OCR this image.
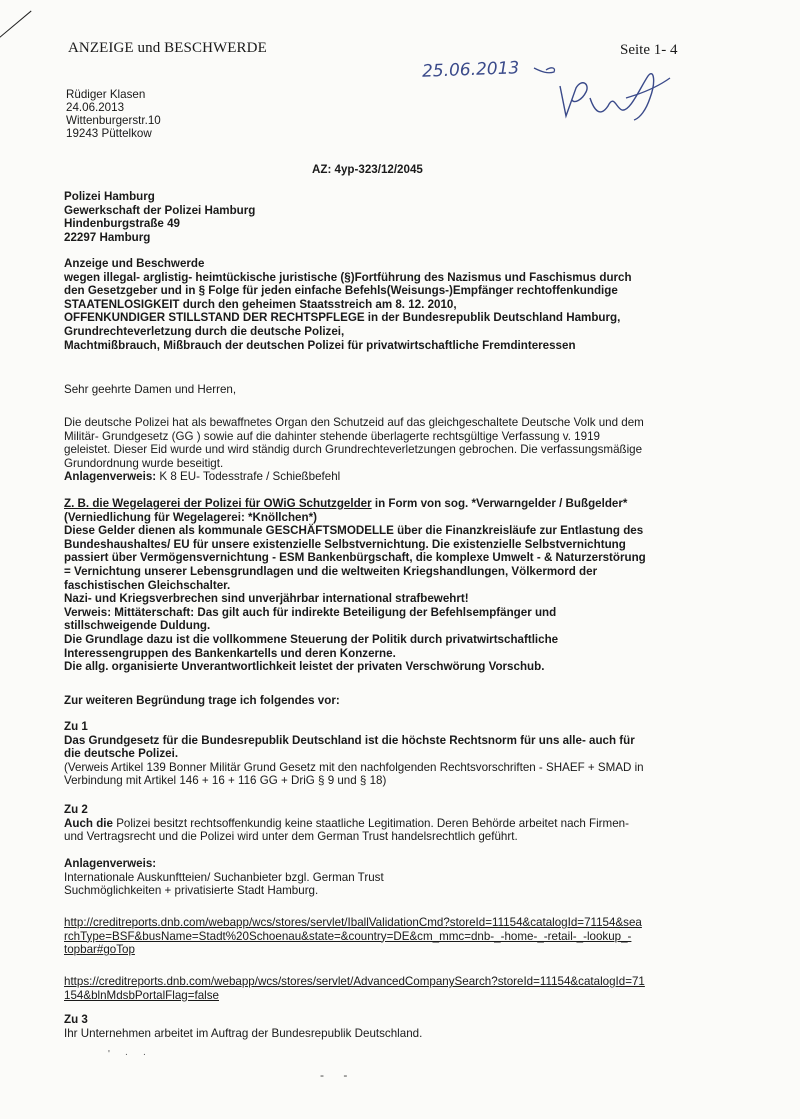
ANZEIGE und BESCHWERDE	Seite 1- 4
25.06.2013
Rüdiger Klasen
24.06.2013
Wittenburgerstr.10
19243 Püttelkow
AZ: 4yp-323/12/2045
Polizei Hamburg
Gewerkschaft der Polizei Hamburg
Hindenburgstraße 49
22297 Hamburg
Anzeige und Beschwerde
wegen illegal- arglistig- heimtückische juristische (§)Fortführung des Nazismus und Faschismus durch
den Gesetzgeber und in § Folge für jeden einfache Befehls(Weisungs-)Empfänger rechtoffenkundige
STAATENLOSIGKEIT durch den geheimen Staatsstreich am 8. 12. 2010,
OFFENKUNDIGER STILLSTAND DER RECHTSPFLEGE in der Bundesrepublik Deutschland Hamburg,
Grundrechteverletzung durch die deutsche Polizei,
Machtmißbrauch, Mißbrauch der deutschen Polizei für privatwirtschaftliche Fremdinteressen
Sehr geehrte Damen und Herren,
Die deutsche Polizei hat als bewaffnetes Organ den Schutzeid auf das gleichgeschaltete Deutsche Volk und dem
Militär- Grundgesetz (GG ) sowie auf die dahinter stehende überlagerte rechtsgültige Verfassung v. 1919
geleistet. Dieser Eid wurde und wird ständig durch Grundrechteverletzungen gebrochen. Die verfassungsmäßige
Grundordnung wurde beseitigt.
Anlagenverweis: K 8 EU- Todesstrafe / Schießbefehl
Z. B. die Wegelagerei der Polizei für OWiG Schutzgelder in Form von sog. *Verwarngelder / Bußgelder*
(Verniedlichung für Wegelagerei: *Knöllchen*)
Diese Gelder dienen als kommunale GESCHÄFTSMODELLE über die Finanzkreisläufe zur Entlastung des
Bundeshaushaltes/ EU für unsere existenzielle Selbstvernichtung. Die existenzielle Selbstvernichtung
passiert über Vermögensvernichtung - ESM Bankenbürgschaft, die komplexe Umwelt - & Naturzerstörung
= Vernichtung unserer Lebensgrundlagen und die weltweiten Kriegshandlungen, Völkermord der
faschistischen Gleichschalter.
Nazi- und Kriegsverbrechen sind unverjährbar international strafbewehrt!
Verweis: Mittäterschaft: Das gilt auch für indirekte Beteiligung der Befehlsempfänger und
stillschweigende Duldung.
Die Grundlage dazu ist die vollkommene Steuerung der Politik durch privatwirtschaftliche
Interessengruppen des Bankenkartells und deren Konzerne.
Die allg. organisierte Unverantwortlichkeit leistet der privaten Verschwörung Vorschub.
Zur weiteren Begründung trage ich folgendes vor:
Zu 1
Das Grundgesetz für die Bundesrepublik Deutschland ist die höchste Rechtsnorm für uns alle- auch für
die deutsche Polizei.
(Verweis Artikel 139 Bonner Militär Grund Gesetz mit den nachfolgenden Rechtsvorschriften - SHAEF + SMAD in
Verbindung mit Artikel 146 + 16 + 116 GG + DriG § 9 und § 18)
Zu 2
Auch die Polizei besitzt rechtsoffenkundig keine staatliche Legitimation. Deren Behörde arbeitet nach Firmen-
und Vertragsrecht und die Polizei wird unter dem German Trust handelsrechtlich geführt.
Anlagenverweis:
Internationale Auskunftteien/ Suchanbieter bzgl. German Trust
Suchmöglichkeiten + privatisierte Stadt Hamburg.
http://creditreports.dnb.com/webapp/wcs/stores/servlet/IballValidationCmd?storeId=11154&catalogId=71154&sea
rchType=BSF&busName=Stadt%20Schoenau&state=&country=DE&cm_mmc=dnb-_-home-_-retail-_-lookup_-
topbar#goTop
https://creditreports.dnb.com/webapp/wcs/stores/servlet/AdvancedCompanySearch?storeId=11154&catalogId=71
154&blnMdsbPortalFlag=false
Zu 3
Ihr Unternehmen arbeitet im Auftrag der Bundesrepublik Deutschland.
' · ·
- -
